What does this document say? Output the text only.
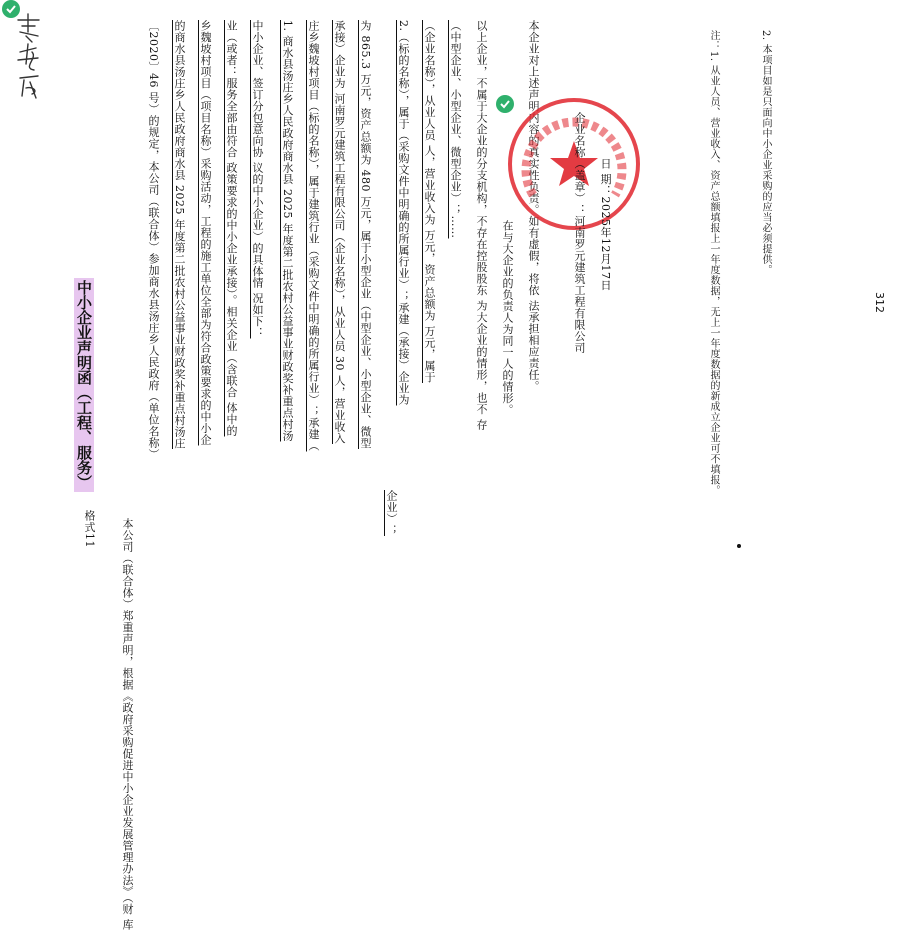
格式11
中小企业声明函（工程、服务）
本公司（联合体）郑重声明，根据《政府采购促进中小企业发展管理办法》（财 库
〔2020〕46 号）的规定，本公司（联合体）参加商水县汤庄乡人民政府（单位名称） 的商水县汤庄乡人民政府商水县 2025 年度第二批农村公益事业财政奖补重点村汤庄 乡魏坡村项目（项目名称）采购活动，工程的施工单位全部为符合政策要求的中小企 业（或者：服务全部由符合 政策要求的中小企业承接）。相关企业（含联合 体中的 中小企业、签订分包意向协 议的中小企业）的具体情 况如下： 1. 商水县汤庄乡人民政府商水县 2025 年度第二批农村公益事业财政奖补重点村汤 庄乡魏坡村项目（标的名称），属于建筑行业（采购文件中明确的所属行业）；承建（ 承接）企业为 河南罗元建筑工程有限公司（企业名称），从业人员 30 人，营业收入 为 865.3 万元，资产总额为 480 万元，属于小型企业（中型企业、小型企业、微型
企业）；
2.（标的名称），属于（采购文件中明确的所属行业）；承建（承接）企业为 （企业名称），从业人员 人，营业收入为 万元，资产总额为 万元，属于 （中型企业、小型企业、微型企业）；…… 以上企业，不属于大企业的分支机构，不存在控股股东 为大企业的情形，也不 存 在与大企业的负责人为同一人的情形。 本企业对上述声明内容的真实性负责。如有虚假，将依 法承担相应责任。	企业名称（盖章）：河南罗元建筑工程有限公司 日 期：2025年12月17日	注：1. 从业人员、营业收入、资产总额填报上一年度数据，无上一年度数据的新成立企业可不填报。	2. 本项目如是只面向中小企业采购的应当必须提供。
312
